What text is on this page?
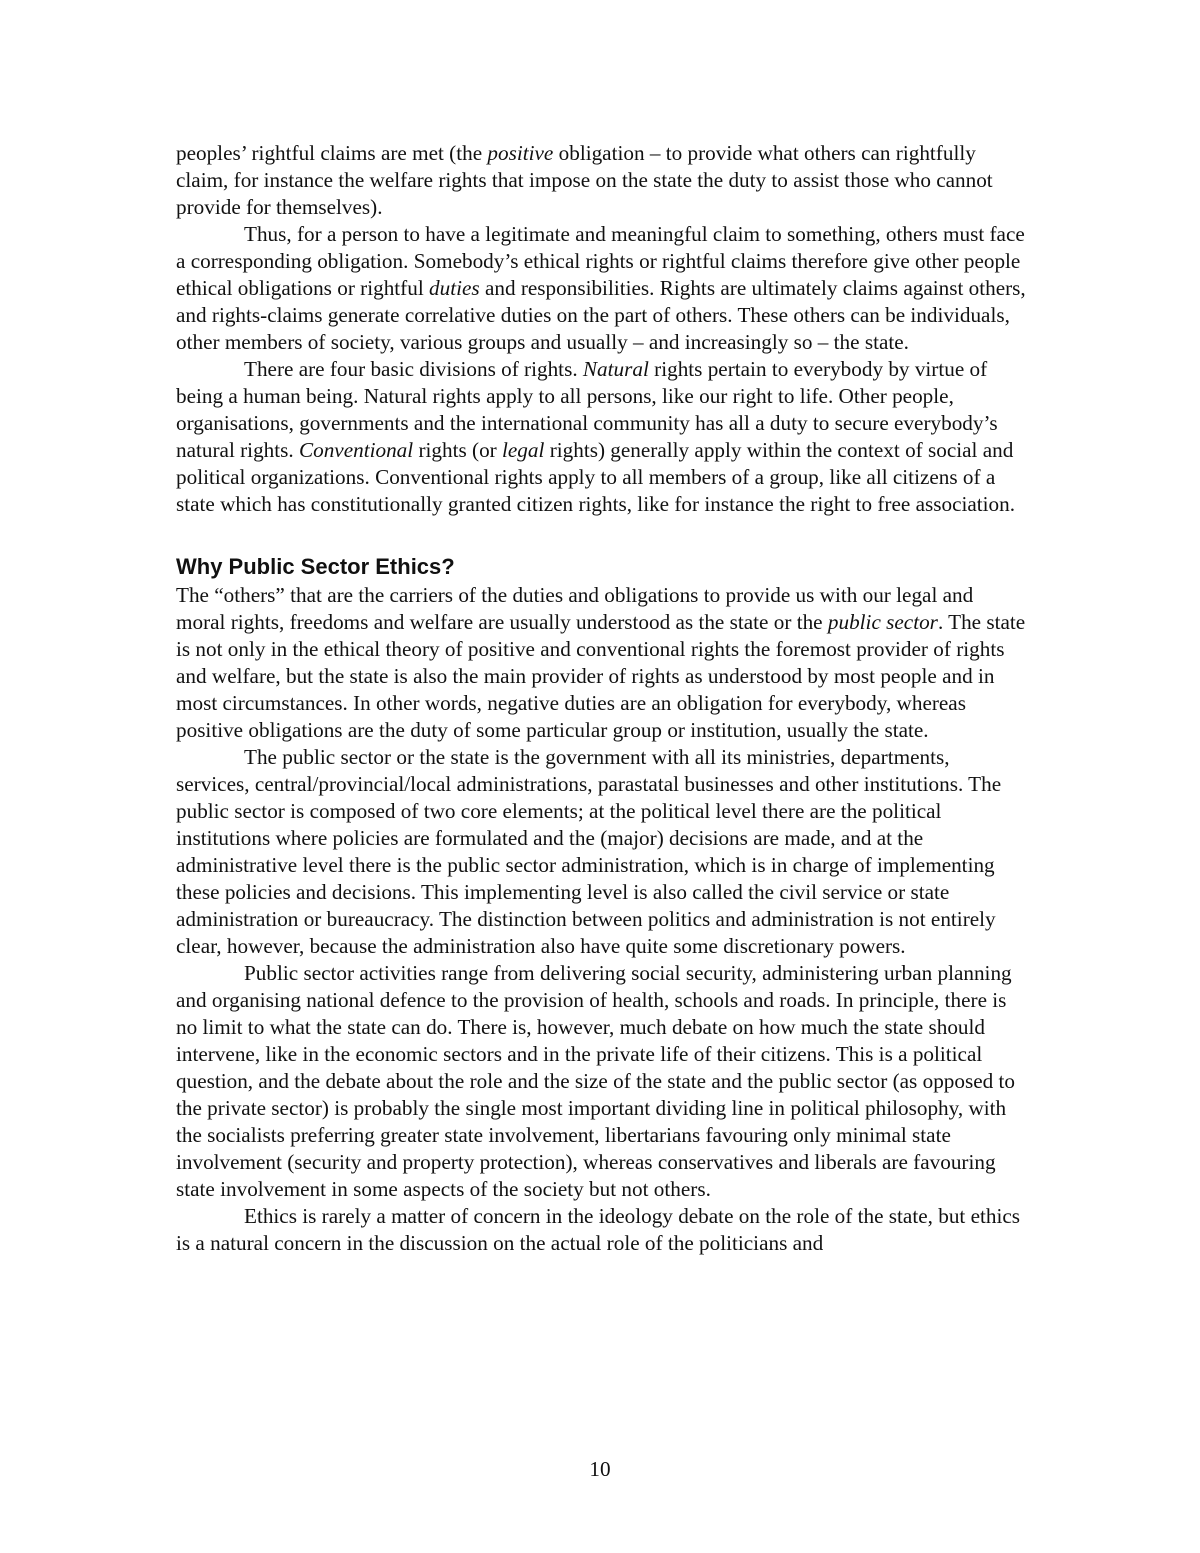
peoples’ rightful claims are met (the positive obligation – to provide what others can rightfully claim, for instance the welfare rights that impose on the state the duty to assist those who cannot provide for themselves).

Thus, for a person to have a legitimate and meaningful claim to something, others must face a corresponding obligation. Somebody’s ethical rights or rightful claims therefore give other people ethical obligations or rightful duties and responsibilities. Rights are ultimately claims against others, and rights-claims generate correlative duties on the part of others. These others can be individuals, other members of society, various groups and usually – and increasingly so – the state.

There are four basic divisions of rights. Natural rights pertain to everybody by virtue of being a human being. Natural rights apply to all persons, like our right to life. Other people, organisations, governments and the international community has all a duty to secure everybody’s natural rights. Conventional rights (or legal rights) generally apply within the context of social and political organizations. Conventional rights apply to all members of a group, like all citizens of a state which has constitutionally granted citizen rights, like for instance the right to free association.

Why Public Sector Ethics?

The “others” that are the carriers of the duties and obligations to provide us with our legal and moral rights, freedoms and welfare are usually understood as the state or the public sector. The state is not only in the ethical theory of positive and conventional rights the foremost provider of rights and welfare, but the state is also the main provider of rights as understood by most people and in most circumstances. In other words, negative duties are an obligation for everybody, whereas positive obligations are the duty of some particular group or institution, usually the state.

The public sector or the state is the government with all its ministries, departments, services, central/provincial/local administrations, parastatal businesses and other institutions. The public sector is composed of two core elements; at the political level there are the political institutions where policies are formulated and the (major) decisions are made, and at the administrative level there is the public sector administration, which is in charge of implementing these policies and decisions. This implementing level is also called the civil service or state administration or bureaucracy. The distinction between politics and administration is not entirely clear, however, because the administration also have quite some discretionary powers.

Public sector activities range from delivering social security, administering urban planning and organising national defence to the provision of health, schools and roads. In principle, there is no limit to what the state can do. There is, however, much debate on how much the state should intervene, like in the economic sectors and in the private life of their citizens. This is a political question, and the debate about the role and the size of the state and the public sector (as opposed to the private sector) is probably the single most important dividing line in political philosophy, with the socialists preferring greater state involvement, libertarians favouring only minimal state involvement (security and property protection), whereas conservatives and liberals are favouring state involvement in some aspects of the society but not others.

Ethics is rarely a matter of concern in the ideology debate on the role of the state, but ethics is a natural concern in the discussion on the actual role of the politicians and

10
